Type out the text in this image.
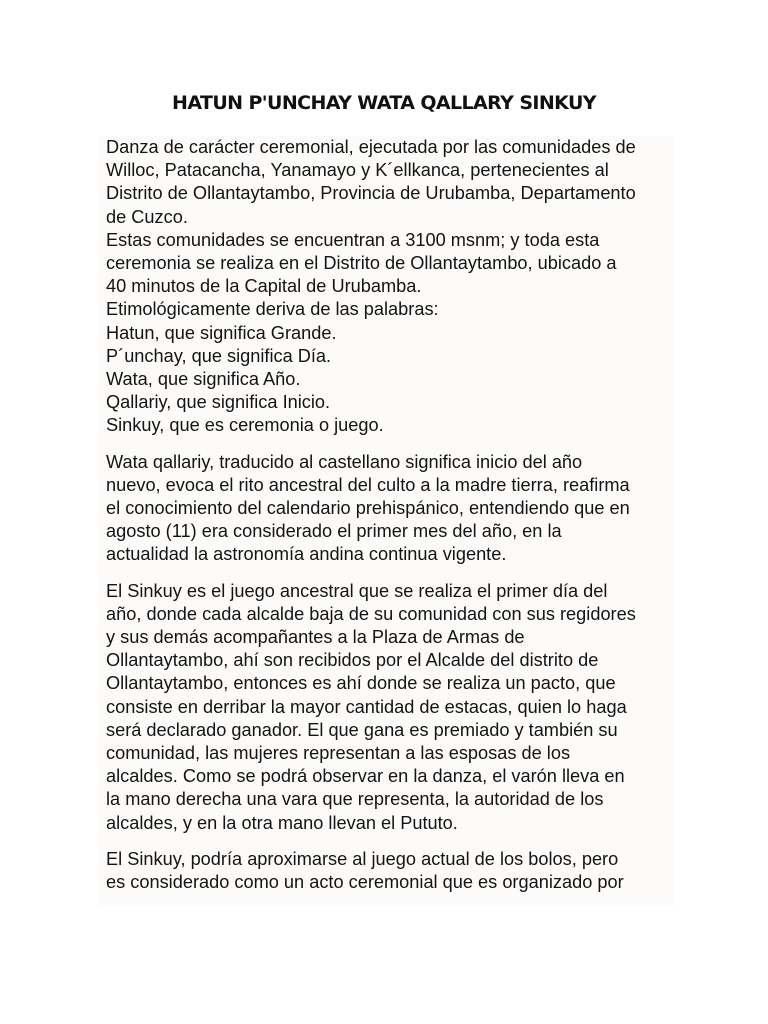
HATUN P'UNCHAY WATA QALLARY SINKUY
Danza de carácter ceremonial, ejecutada por las comunidades de
Willoc, Patacancha, Yanamayo y K´ellkanca, pertenecientes al
Distrito de Ollantaytambo, Provincia de Urubamba, Departamento
de Cuzco.
Estas comunidades se encuentran a 3100 msnm; y toda esta
ceremonia se realiza en el Distrito de Ollantaytambo, ubicado a
40 minutos de la Capital de Urubamba.
Etimológicamente deriva de las palabras:
Hatun, que significa Grande.
P´unchay, que significa Día.
Wata, que significa Año.
Qallariy, que significa Inicio.
Sinkuy, que es ceremonia o juego.
Wata qallariy, traducido al castellano significa inicio del año
nuevo, evoca el rito ancestral del culto a la madre tierra, reafirma
el conocimiento del calendario prehispánico, entendiendo que en
agosto (11) era considerado el primer mes del año, en la
actualidad la astronomía andina continua vigente.
El Sinkuy es el juego ancestral que se realiza el primer día del
año, donde cada alcalde baja de su comunidad con sus regidores
y sus demás acompañantes a la Plaza de Armas de
Ollantaytambo, ahí son recibidos por el Alcalde del distrito de
Ollantaytambo, entonces es ahí donde se realiza un pacto, que
consiste en derribar la mayor cantidad de estacas, quien lo haga
será declarado ganador. El que gana es premiado y también su
comunidad, las mujeres representan a las esposas de los
alcaldes. Como se podrá observar en la danza, el varón lleva en
la mano derecha una vara que representa, la autoridad de los
alcaldes, y en la otra mano llevan el Pututo.
El Sinkuy, podría aproximarse al juego actual de los bolos, pero
es considerado como un acto ceremonial que es organizado por
